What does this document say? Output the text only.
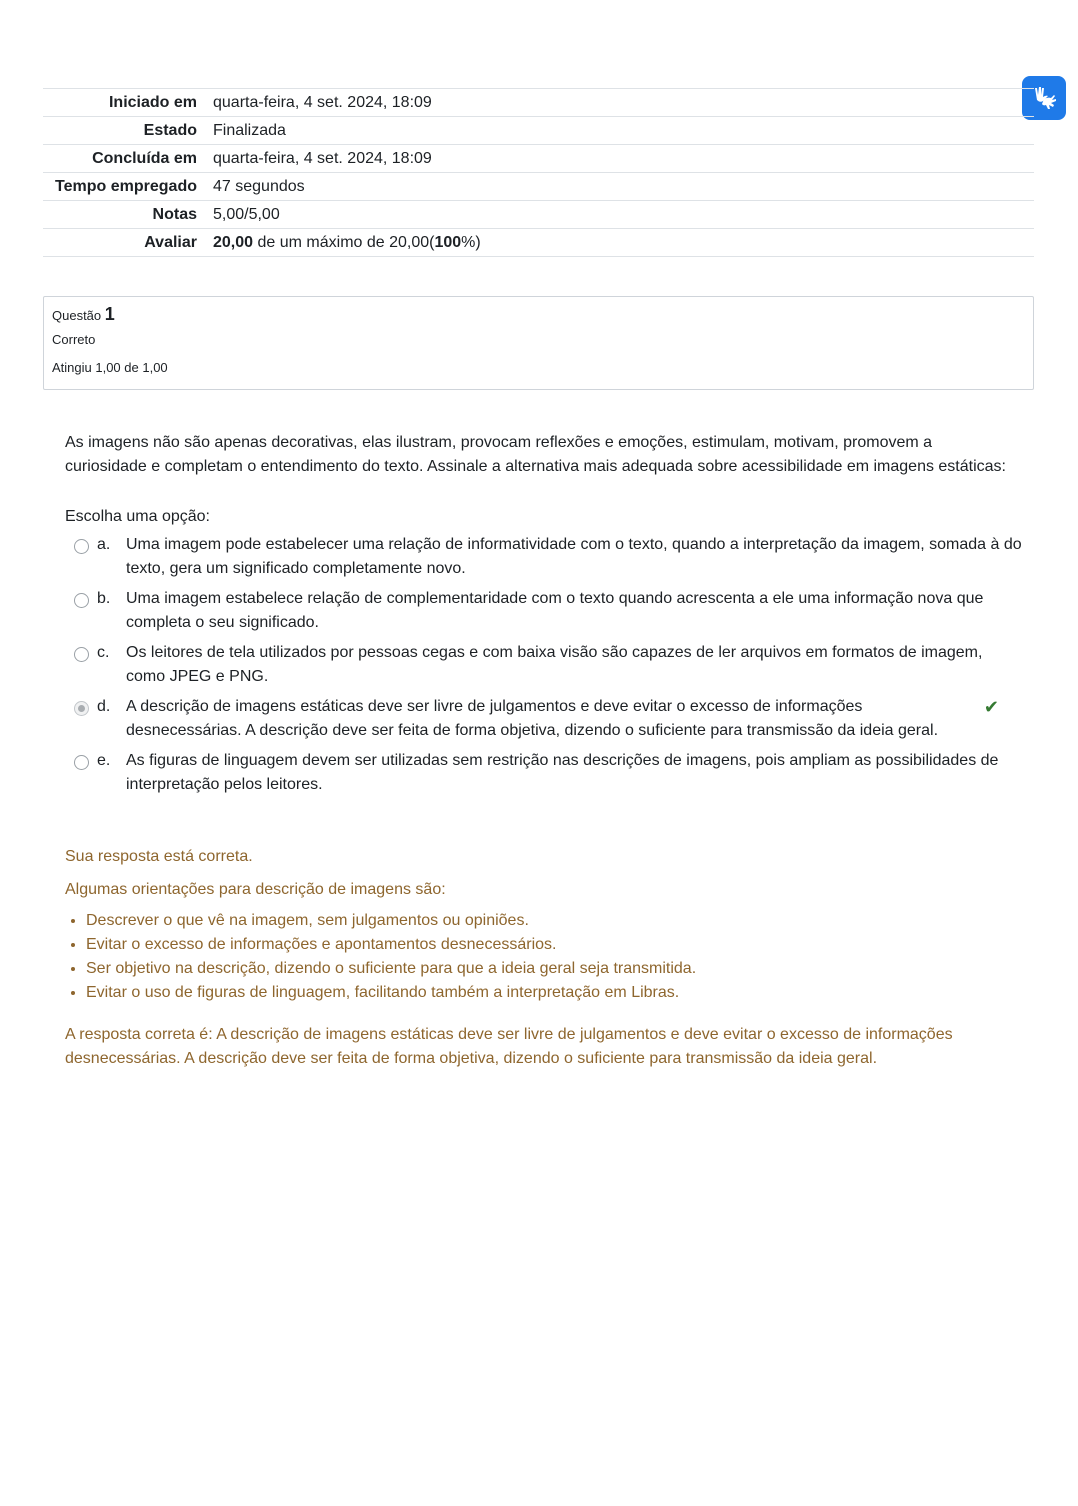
Iniciado em	quarta-feira, 4 set. 2024, 18:09
Estado	Finalizada
Concluída em	quarta-feira, 4 set. 2024, 18:09
Tempo empregado	47 segundos
Notas	5,00/5,00
Avaliar	20,00 de um máximo de 20,00(100%)
Questão 1
Correto
Atingiu 1,00 de 1,00
As imagens não são apenas decorativas, elas ilustram, provocam reflexões e emoções, estimulam, motivam, promovem a curiosidade e completam o entendimento do texto. Assinale a alternativa mais adequada sobre acessibilidade em imagens estáticas:
Escolha uma opção:
a. Uma imagem pode estabelecer uma relação de informatividade com o texto, quando a interpretação da imagem, somada à do texto, gera um significado completamente novo.
b. Uma imagem estabelece relação de complementaridade com o texto quando acrescenta a ele uma informação nova que completa o seu significado.
c. Os leitores de tela utilizados por pessoas cegas e com baixa visão são capazes de ler arquivos em formatos de imagem, como JPEG e PNG.
d. A descrição de imagens estáticas deve ser livre de julgamentos e deve evitar o excesso de informações desnecessárias. A descrição deve ser feita de forma objetiva, dizendo o suficiente para transmissão da ideia geral.
✔
e. As figuras de linguagem devem ser utilizadas sem restrição nas descrições de imagens, pois ampliam as possibilidades de interpretação pelos leitores.

Sua resposta está correta.

Algumas orientações para descrição de imagens são:

• Descrever o que vê na imagem, sem julgamentos ou opiniões.
• Evitar o excesso de informações e apontamentos desnecessários.
• Ser objetivo na descrição, dizendo o suficiente para que a ideia geral seja transmitida.
• Evitar o uso de figuras de linguagem, facilitando também a interpretação em Libras.

A resposta correta é: A descrição de imagens estáticas deve ser livre de julgamentos e deve evitar o excesso de informações desnecessárias. A descrição deve ser feita de forma objetiva, dizendo o suficiente para transmissão da ideia geral.
